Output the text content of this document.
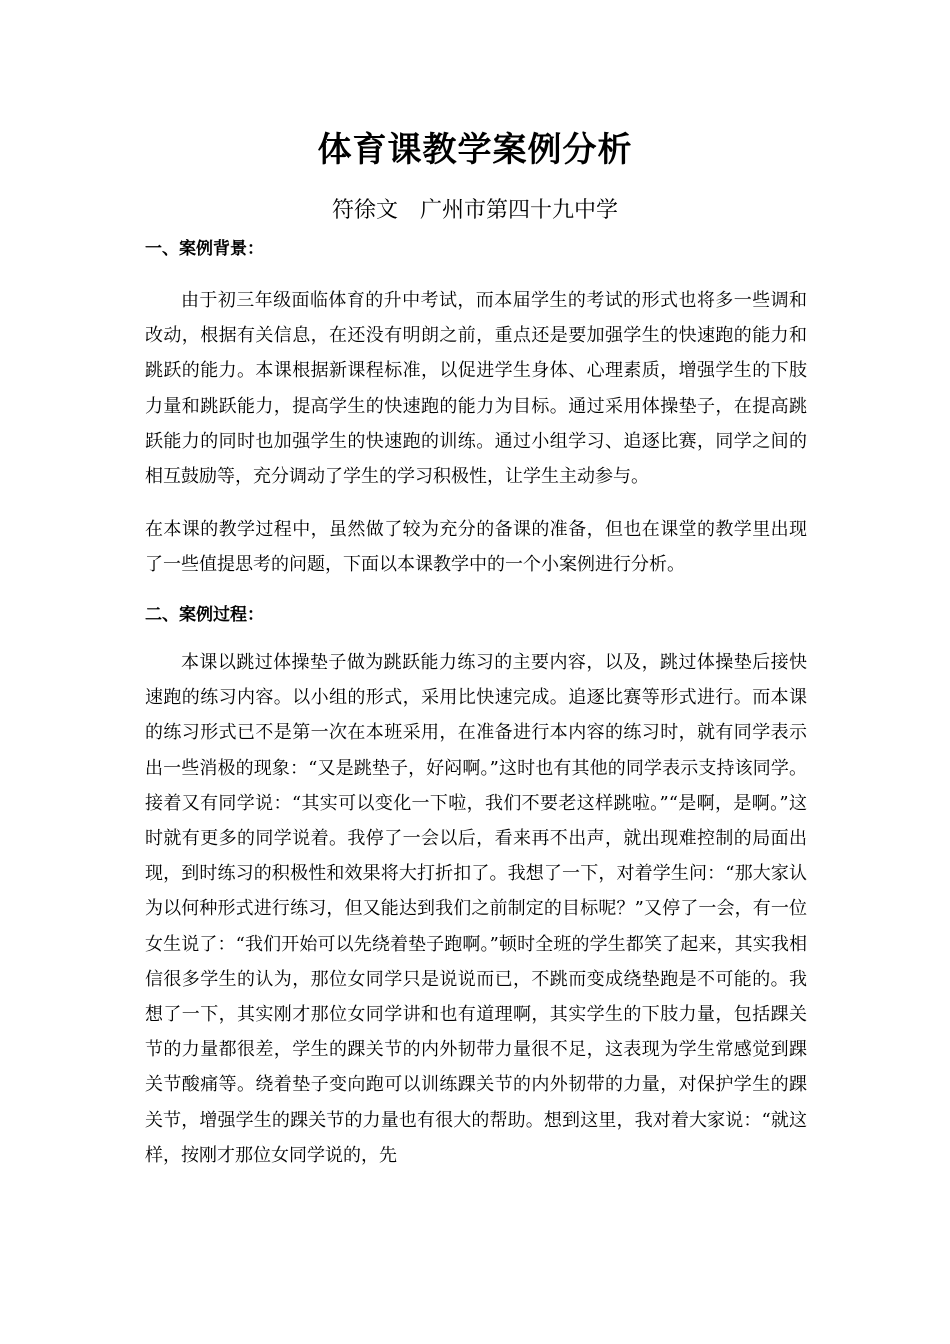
体育课教学案例分析

符徐文　广州市第四十九中学

一、案例背景：

由于初三年级面临体育的升中考试，而本届学生的考试的形式也将多一些调和改动，根据有关信息，在还没有明朗之前，重点还是要加强学生的快速跑的能力和跳跃的能力。本课根据新课程标准，以促进学生身体、心理素质，增强学生的下肢力量和跳跃能力，提高学生的快速跑的能力为目标。通过采用体操垫子，在提高跳跃能力的同时也加强学生的快速跑的训练。通过小组学习、追逐比赛，同学之间的相互鼓励等，充分调动了学生的学习积极性，让学生主动参与。

在本课的教学过程中，虽然做了较为充分的备课的准备，但也在课堂的教学里出现了一些值提思考的问题，下面以本课教学中的一个小案例进行分析。

二、案例过程：

本课以跳过体操垫子做为跳跃能力练习的主要内容，以及，跳过体操垫后接快速跑的练习内容。以小组的形式，采用比快速完成。追逐比赛等形式进行。而本课的练习形式已不是第一次在本班采用，在准备进行本内容的练习时，就有同学表示出一些消极的现象：“又是跳垫子，好闷啊。”这时也有其他的同学表示支持该同学。接着又有同学说：“其实可以变化一下啦，我们不要老这样跳啦。”“是啊，是啊。”这时就有更多的同学说着。我停了一会以后，看来再不出声，就出现难控制的局面出现，到时练习的积极性和效果将大打折扣了。我想了一下，对着学生问：“那大家认为以何种形式进行练习，但又能达到我们之前制定的目标呢？”又停了一会，有一位女生说了：“我们开始可以先绕着垫子跑啊。”顿时全班的学生都笑了起来，其实我相信很多学生的认为，那位女同学只是说说而已，不跳而变成绕垫跑是不可能的。我想了一下，其实刚才那位女同学讲和也有道理啊，其实学生的下肢力量，包括踝关节的力量都很差，学生的踝关节的内外韧带力量很不足，这表现为学生常感觉到踝关节酸痛等。绕着垫子变向跑可以训练踝关节的内外韧带的力量，对保护学生的踝关节，增强学生的踝关节的力量也有很大的帮助。想到这里，我对着大家说：“就这样，按刚才那位女同学说的，先
